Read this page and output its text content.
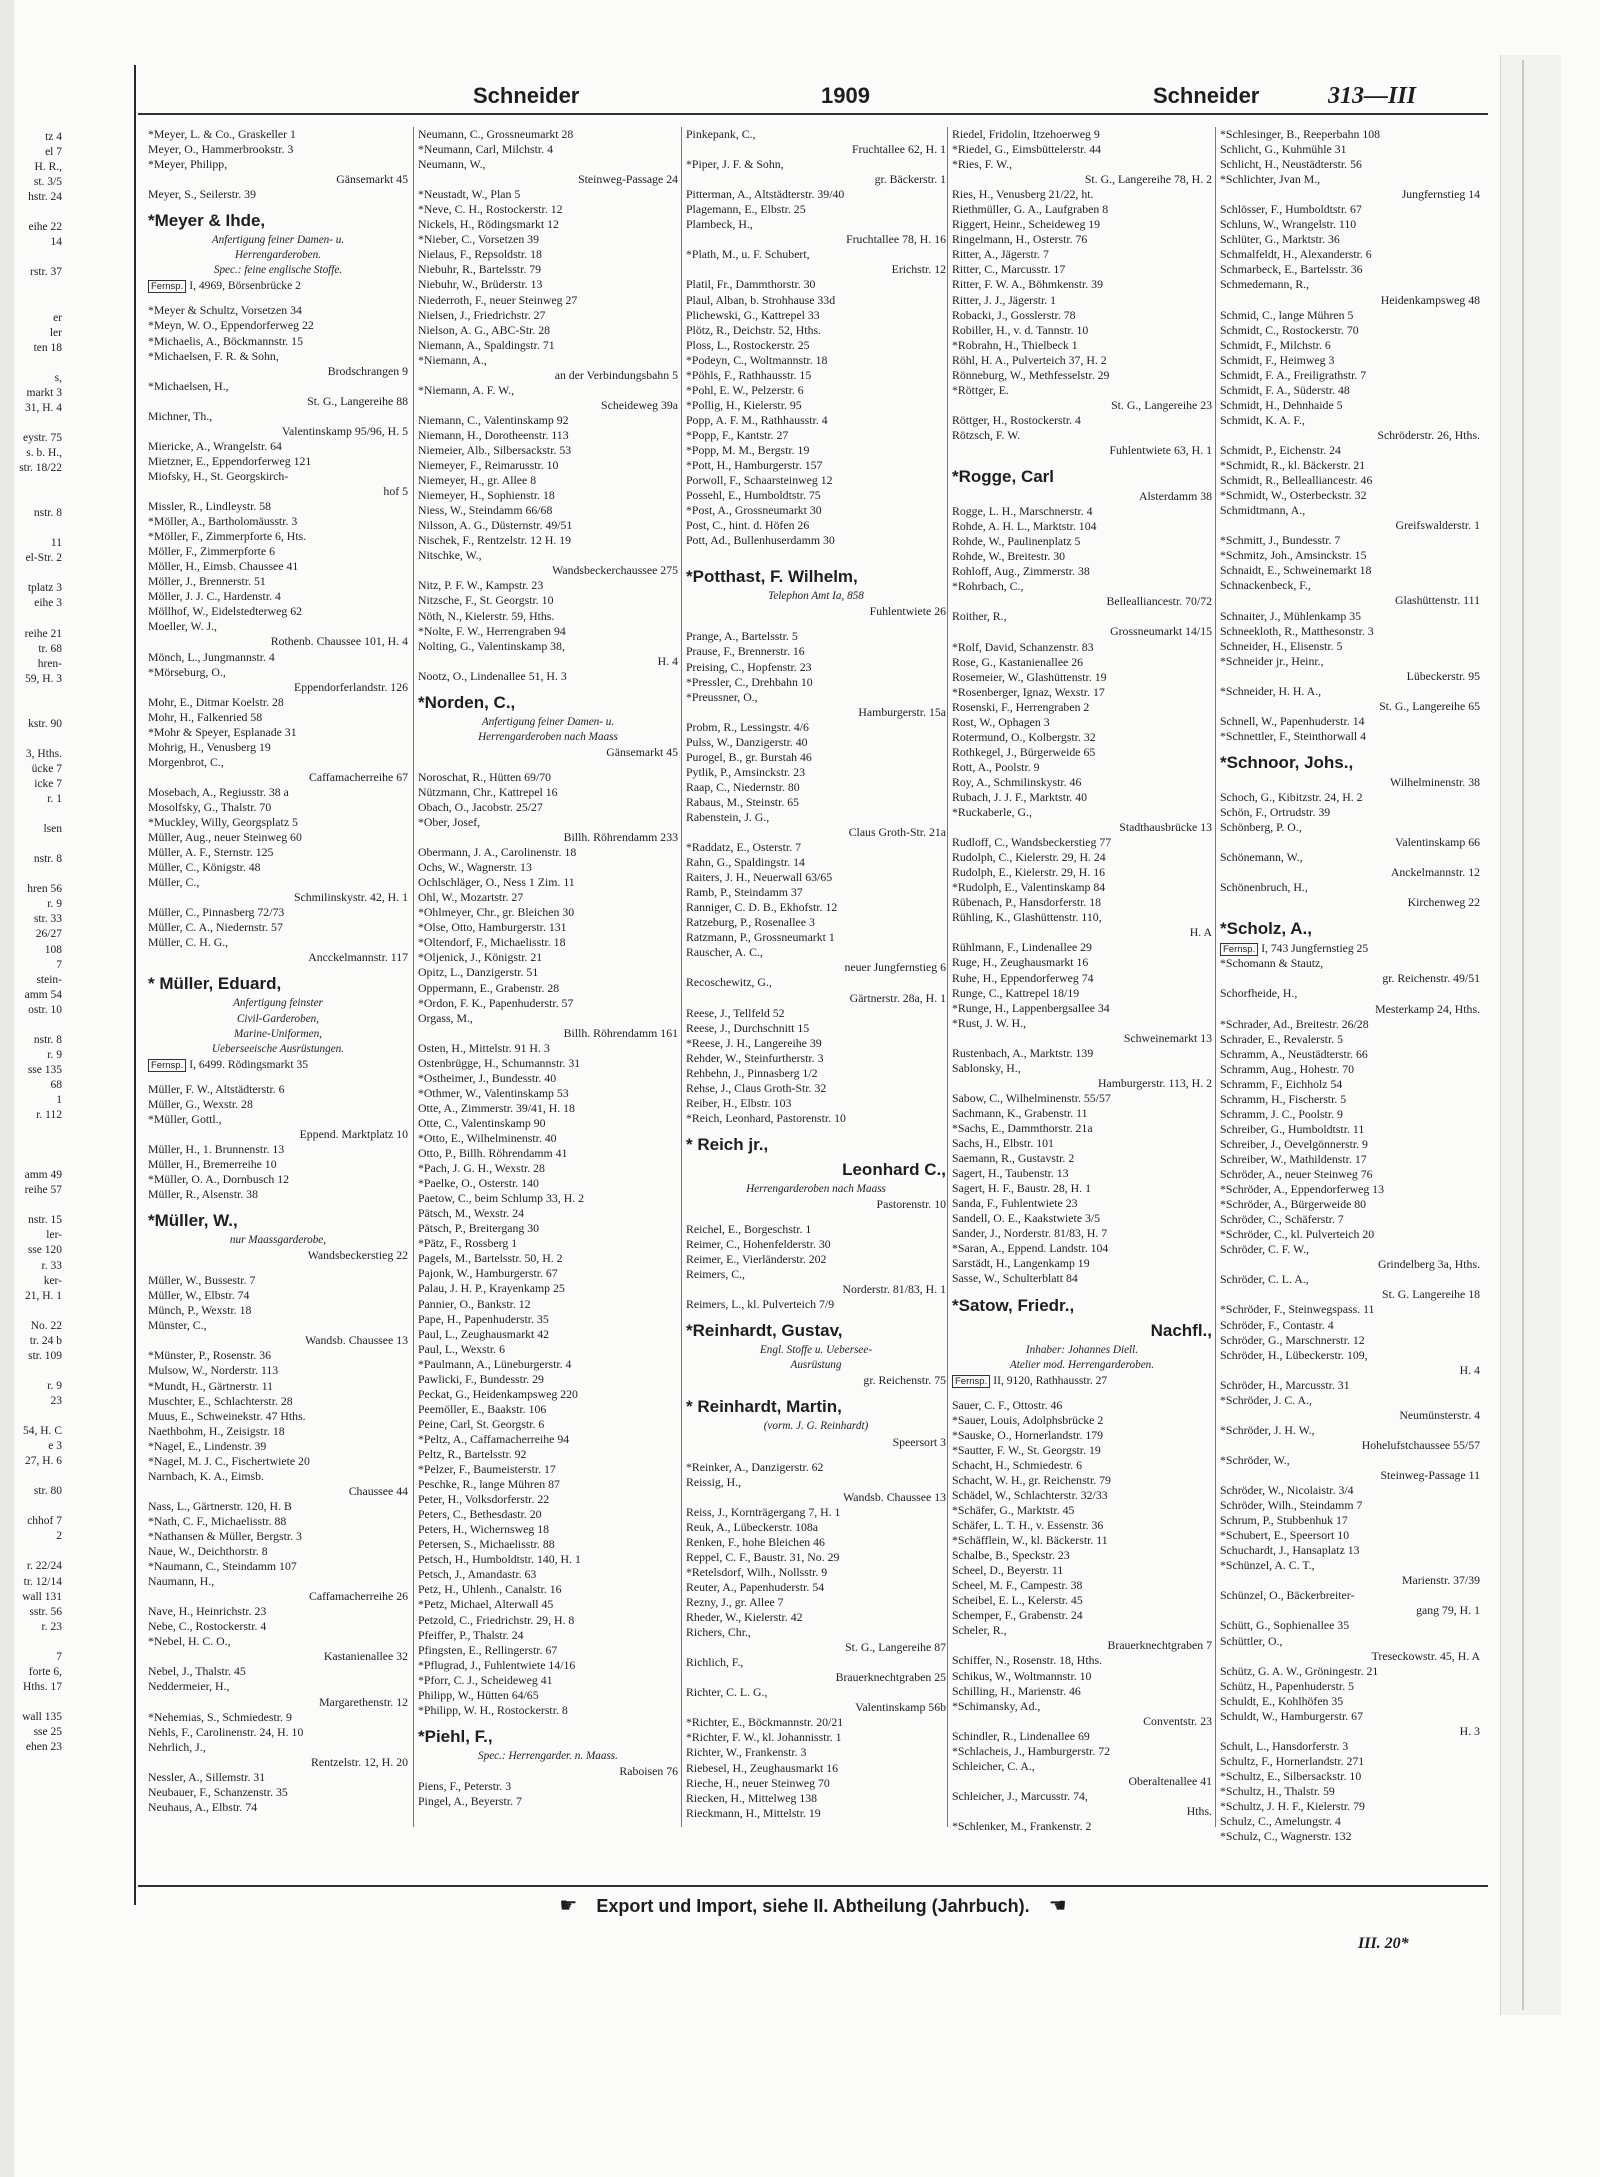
tz 4
el 7
H. R.,
st. 3/5
hstr. 24
eihe 22
14
rstr. 37
er
ler
ten 18
s,
markt 3
31, H. 4
eystr. 75
s. b. H.,
str. 18/22
nstr. 8
11
el-Str. 2
tplatz 3
eihe 3
reihe 21
tr. 68
hren-
59, H. 3
kstr. 90
3, Hths.
ücke 7
icke 7
r. 1
lsen
nstr. 8
hren 56
r. 9
str. 33
26/27
108
7
stein-
amm 54
ostr. 10
nstr. 8
r. 9
sse 135
68
1
r. 112
amm 49
reihe 57
nstr. 15
ler-
sse 120
r. 33
ker-
21, H. 1
No. 22
tr. 24 b
str. 109
r. 9
23
54, H. C
e 3
27, H. 6
str. 80
chhof 7
2
r. 22/24
tr. 12/14
wall 131
sstr. 56
r. 23
7
forte 6,
Hths. 17
wall 135
sse 25
ehen 23
Schneider	1909	Schneider	313—III
*Meyer, L. & Co., Graskeller 1
Meyer, O., Hammerbrookstr. 3
*Meyer, Philipp,
Gänsemarkt 45
Meyer, S., Seilerstr. 39
*Meyer & Ihde,
Anfertigung feiner Damen- u.
Herrengarderoben.
Spec.: feine englische Stoffe.
Fernsp. I, 4969, Börsenbrücke 2
*Meyer & Schultz, Vorsetzen 34
*Meyn, W. O., Eppendorferweg 22
*Michaelis, A., Böckmannstr. 15
*Michaelsen, F. R. & Sohn,
Brodschrangen 9
*Michaelsen, H.,
St. G., Langereihe 88
Michner, Th.,
Valentinskamp 95/96, H. 5
Miericke, A., Wrangelstr. 64
Mietzner, E., Eppendorferweg 121
Miofsky, H., St. Georgskirch-
hof 5
Missler, R., Lindleystr. 58
*Möller, A., Bartholomäusstr. 3
*Möller, F., Zimmerpforte 6, Hts.
Möller, F., Zimmerpforte 6
Möller, H., Eimsb. Chaussee 41
Möller, J., Brennerstr. 51
Möller, J. J. C., Hardenstr. 4
Möllhof, W., Eidelstedterweg 62
Moeller, W. J.,
Rothenb. Chaussee 101, H. 4
Mönch, L., Jungmannstr. 4
*Mörseburg, O.,
Eppendorferlandstr. 126
Mohr, E., Ditmar Koelstr. 28
Mohr, H., Falkenried 58
*Mohr & Speyer, Esplanade 31
Mohrig, H., Venusberg 19
Morgenbrot, C.,
Caffamacherreihe 67
Mosebach, A., Regiusstr. 38 a
Mosolfsky, G., Thalstr. 70
*Muckley, Willy, Georgsplatz 5
Müller, Aug., neuer Steinweg 60
Müller, A. F., Sternstr. 125
Müller, C., Königstr. 48
Müller, C.,
Schmilinskystr. 42, H. 1
Müller, C., Pinnasberg 72/73
Müller, C. A., Niedernstr. 57
Müller, C. H. G.,
Ancckelmannstr. 117
* Müller, Eduard,
Anfertigung feinster
Civil-Garderoben,
Marine-Uniformen,
Ueberseeische Ausrüstungen.
Fernsp. I, 6499. Rödingsmarkt 35
Müller, F. W., Altstädterstr. 6
Müller, G., Wexstr. 28
*Müller, Gottl.,
Eppend. Marktplatz 10
Müller, H., 1. Brunnenstr. 13
Müller, H., Bremerreihe 10
*Müller, O. A., Dornbusch 12
Müller, R., Alsenstr. 38
*Müller, W.,
nur Maassgarderobe,
Wandsbeckerstieg 22
Müller, W., Bussestr. 7
Müller, W., Elbstr. 74
Münch, P., Wexstr. 18
Münster, C.,
Wandsb. Chaussee 13
*Münster, P., Rosenstr. 36
Mulsow, W., Norderstr. 113
*Mundt, H., Gärtnerstr. 11
Muschter, E., Schlachterstr. 28
Muus, E., Schweinekstr. 47 Hths.
Naethbohm, H., Zeisigstr. 18
*Nagel, E., Lindenstr. 39
*Nagel, M. J. C., Fischertwiete 20
Narnbach, K. A., Eimsb.
Chaussee 44
Nass, L., Gärtnerstr. 120, H. B
*Nath, C. F., Michaelisstr. 88
*Nathansen & Müller, Bergstr. 3
Naue, W., Deichthorstr. 8
*Naumann, C., Steindamm 107
Naumann, H.,
Caffamacherreihe 26
Nave, H., Heinrichstr. 23
Nebe, C., Rostockerstr. 4
*Nebel, H. C. O.,
Kastanienallee 32
Nebel, J., Thalstr. 45
Neddermeier, H.,
Margarethenstr. 12
*Nehemias, S., Schmiedestr. 9
Nehls, F., Carolinenstr. 24, H. 10
Nehrlich, J.,
Rentzelstr. 12, H. 20
Nessler, A., Sillemstr. 31
Neubauer, F., Schanzenstr. 35
Neuhaus, A., Elbstr. 74
Neumann, C., Grossneumarkt 28
*Neumann, Carl, Milchstr. 4
Neumann, W.,
Steinweg-Passage 24
*Neustadt, W., Plan 5
*Neve, C. H., Rostockerstr. 12
Nickels, H., Rödingsmarkt 12
*Nieber, C., Vorsetzen 39
Nielaus, F., Repsoldstr. 18
Niebuhr, R., Bartelsstr. 79
Niebuhr, W., Brüderstr. 13
Niederroth, F., neuer Steinweg 27
Nielsen, J., Friedrichstr. 27
Nielson, A. G., ABC-Str. 28
Niemann, A., Spaldingstr. 71
*Niemann, A.,
an der Verbindungsbahn 5
*Niemann, A. F. W.,
Scheideweg 39a
Niemann, C., Valentinskamp 92
Niemann, H., Dorotheenstr. 113
Niemeier, Alb., Silbersackstr. 53
Niemeyer, F., Reimarusstr. 10
Niemeyer, H., gr. Allee 8
Niemeyer, H., Sophienstr. 18
Niess, W., Steindamm 66/68
Nilsson, A. G., Düsternstr. 49/51
Nischek, F., Rentzelstr. 12 H. 19
Nitschke, W.,
Wandsbeckerchaussee 275
Nitz, P. F. W., Kampstr. 23
Nitzsche, F., St. Georgstr. 10
Nöth, N., Kielerstr. 59, Hths.
*Nolte, F. W., Herrengraben 94
Nolting, G., Valentinskamp 38,
H. 4
Nootz, O., Lindenallee 51, H. 3
*Norden, C.,
Anfertigung feiner Damen- u.
Herrengarderoben nach Maass
Gänsemarkt 45
Noroschat, R., Hütten 69/70
Nützmann, Chr., Kattrepel 16
Obach, O., Jacobstr. 25/27
*Ober, Josef,
Billh. Röhrendamm 233
Obermann, J. A., Carolinenstr. 18
Ochs, W., Wagnerstr. 13
Ochlschläger, O., Ness 1 Zim. 11
Ohl, W., Mozartstr. 27
*Ohlmeyer, Chr., gr. Bleichen 30
*Olse, Otto, Hamburgerstr. 131
*Oltendorf, F., Michaelisstr. 18
*Oljenick, J., Königstr. 21
Opitz, L., Danzigerstr. 51
Oppermann, E., Grabenstr. 28
*Ordon, F. K., Papenhuderstr. 57
Orgass, M.,
Billh. Röhrendamm 161
Osten, H., Mittelstr. 91 H. 3
Ostenbrügge, H., Schumannstr. 31
*Ostheimer, J., Bundesstr. 40
*Othmer, W., Valentinskamp 53
Otte, A., Zimmerstr. 39/41, H. 18
Otte, C., Valentinskamp 90
*Otto, E., Wilhelminenstr. 40
Otto, P., Billh. Röhrendamm 41
*Pach, J. G. H., Wexstr. 28
*Paelke, O., Osterstr. 140
Paetow, C., beim Schlump 33, H. 2
Pätsch, M., Wexstr. 24
Pätsch, P., Breitergang 30
*Pätz, F., Rossberg 1
Pagels, M., Bartelsstr. 50, H. 2
Pajonk, W., Hamburgerstr. 67
Palau, J. H. P., Krayenkamp 25
Pannier, O., Bankstr. 12
Pape, H., Papenhuderstr. 35
Paul, L., Zeughausmarkt 42
Paul, L., Wexstr. 6
*Paulmann, A., Lüneburgerstr. 4
Pawlicki, F., Bundesstr. 29
Peckat, G., Heidenkampsweg 220
Peemöller, E., Baakstr. 106
Peine, Carl, St. Georgstr. 6
*Peltz, A., Caffamacherreihe 94
Peltz, R., Bartelsstr. 92
*Pelzer, F., Baumeisterstr. 17
Peschke, R., lange Mühren 87
Peter, H., Volksdorferstr. 22
Peters, C., Bethesdastr. 20
Peters, H., Wichernsweg 18
Petersen, S., Michaelisstr. 88
Petsch, H., Humboldtstr. 140, H. 1
Petsch, J., Amandastr. 63
Petz, H., Uhlenh., Canalstr. 16
*Petz, Michael, Alterwall 45
Petzold, C., Friedrichstr. 29, H. 8
Pfeiffer, P., Thalstr. 24
Pfingsten, E., Rellingerstr. 67
*Pflugrad, J., Fuhlentwiete 14/16
*Pforr, C. J., Scheideweg 41
Philipp, W., Hütten 64/65
*Philipp, W. H., Rostockerstr. 8
*Piehl, F.,
Spec.: Herrengarder. n. Maass.
Raboisen 76
Piens, F., Peterstr. 3
Pingel, A., Beyerstr. 7
Pinkepank, C.,
Fruchtallee 62, H. 1
*Piper, J. F. & Sohn,
gr. Bäckerstr. 1
Pitterman, A., Altstädterstr. 39/40
Plagemann, E., Elbstr. 25
Plambeck, H.,
Fruchtallee 78, H. 16
*Plath, M., u. F. Schubert,
Erichstr. 12
Platil, Fr., Dammthorstr. 30
Plaul, Alban, b. Strohhause 33d
Plichewski, G., Kattrepel 33
Plötz, R., Deichstr. 52, Hths.
Ploss, L., Rostockerstr. 25
*Podeyn, C., Woltmannstr. 18
*Pöhls, F., Rathhausstr. 15
*Pohl, E. W., Pelzerstr. 6
*Pollig, H., Kielerstr. 95
Popp, A. F. M., Rathhausstr. 4
*Popp, F., Kantstr. 27
*Popp, M. M., Bergstr. 19
*Pott, H., Hamburgerstr. 157
Porwoll, F., Schaarsteinweg 12
Possehl, E., Humboldtstr. 75
*Post, A., Grossneumarkt 30
Post, C., hint. d. Höfen 26
Pott, Ad., Bullenhuserdamm 30
*Potthast, F. Wilhelm,
Telephon Amt Ia, 858
Fuhlentwiete 26
Prange, A., Bartelsstr. 5
Prause, F., Brennerstr. 16
Preising, C., Hopfenstr. 23
*Pressler, C., Drehbahn 10
*Preussner, O.,
Hamburgerstr. 15a
Probm, R., Lessingstr. 4/6
Pulss, W., Danzigerstr. 40
Purogel, B., gr. Burstah 46
Pytlik, P., Amsinckstr. 23
Raap, C., Niedernstr. 80
Rabaus, M., Steinstr. 65
Rabenstein, J. G.,
Claus Groth-Str. 21a
*Raddatz, E., Osterstr. 7
Rahn, G., Spaldingstr. 14
Raiters, J. H., Neuerwall 63/65
Ramb, P., Steindamm 37
Ranniger, C. D. B., Ekhofstr. 12
Ratzeburg, P., Rosenallee 3
Ratzmann, P., Grossneumarkt 1
Rauscher, A. C.,
neuer Jungfernstieg 6
Recoschewitz, G.,
Gärtnerstr. 28a, H. 1
Reese, J., Tellfeld 52
Reese, J., Durchschnitt 15
*Reese, J. H., Langereihe 39
Rehder, W., Steinfurtherstr. 3
Rehbehn, J., Pinnasberg 1/2
Rehse, J., Claus Groth-Str. 32
Reiber, H., Elbstr. 103
*Reich, Leonhard, Pastorenstr. 10
* Reich jr.,
Leonhard C.,
Herrengarderoben nach Maass
Pastorenstr. 10
Reichel, E., Borgeschstr. 1
Reimer, C., Hohenfelderstr. 30
Reimer, E., Vierländerstr. 202
Reimers, C.,
Norderstr. 81/83, H. 1
Reimers, L., kl. Pulverteich 7/9
*Reinhardt, Gustav,
Engl. Stoffe u. Uebersee-
Ausrüstung
gr. Reichenstr. 75
* Reinhardt, Martin,
(vorm. J. G. Reinhardt)
Speersort 3
*Reinker, A., Danzigerstr. 62
Reissig, H.,
Wandsb. Chaussee 13
Reiss, J., Kornträgergang 7, H. 1
Reuk, A., Lübeckerstr. 108a
Renken, F., hohe Bleichen 46
Reppel, C. F., Baustr. 31, No. 29
*Retelsdorf, Wilh., Nollsstr. 9
Reuter, A., Papenhuderstr. 54
Rezny, J., gr. Allee 7
Rheder, W., Kielerstr. 42
Richers, Chr.,
St. G., Langereihe 87
Richlich, F.,
Brauerknechtgraben 25
Richter, C. L. G.,
Valentinskamp 56b
*Richter, E., Böckmannstr. 20/21
*Richter, F. W., kl. Johannisstr. 1
Richter, W., Frankenstr. 3
Riebesel, H., Zeughausmarkt 16
Rieche, H., neuer Steinweg 70
Riecken, H., Mittelweg 138
Rieckmann, H., Mittelstr. 19
Riedel, Fridolin, Itzehoerweg 9
*Riedel, G., Eimsbüttelerstr. 44
*Ries, F. W.,
St. G., Langereihe 78, H. 2
Ries, H., Venusberg 21/22, ht.
Riethmüller, G. A., Laufgraben 8
Riggert, Heinr., Scheideweg 19
Ringelmann, H., Osterstr. 76
Ritter, A., Jägerstr. 7
Ritter, C., Marcusstr. 17
Ritter, F. W. A., Böhmkenstr. 39
Ritter, J. J., Jägerstr. 1
Robacki, J., Gosslerstr. 78
Robiller, H., v. d. Tannstr. 10
*Robrahn, H., Thielbeck 1
Röhl, H. A., Pulverteich 37, H. 2
Rönneburg, W., Methfesselstr. 29
*Röttger, E.
St. G., Langereihe 23
Röttger, H., Rostockerstr. 4
Rötzsch, F. W.
Fuhlentwiete 63, H. 1
*Rogge, Carl
Alsterdamm 38
Rogge, L. H., Marschnerstr. 4
Rohde, A. H. L., Marktstr. 104
Rohde, W., Paulinenplatz 5
Rohde, W., Breitestr. 30
Rohloff, Aug., Zimmerstr. 38
*Rohrbach, C.,
Bellealliancestr. 70/72
Roither, R.,
Grossneumarkt 14/15
*Rolf, David, Schanzenstr. 83
Rose, G., Kastanienallee 26
Rosemeier, W., Glashüttenstr. 19
*Rosenberger, Ignaz, Wexstr. 17
Rosenski, F., Herrengraben 2
Rost, W., Ophagen 3
Rotermund, O., Kolbergstr. 32
Rothkegel, J., Bürgerweide 65
Rott, A., Poolstr. 9
Roy, A., Schmilinskystr. 46
Rubach, J. J. F., Marktstr. 40
*Ruckaberle, G.,
Stadthausbrücke 13
Rudloff, C., Wandsbeckerstieg 77
Rudolph, C., Kielerstr. 29, H. 24
Rudolph, E., Kielerstr. 29, H. 16
*Rudolph, E., Valentinskamp 84
Rübenach, P., Hansdorferstr. 18
Rühling, K., Glashüttenstr. 110,
H. A
Rühlmann, F., Lindenallee 29
Ruge, H., Zeughausmarkt 16
Ruhe, H., Eppendorferweg 74
Runge, C., Kattrepel 18/19
*Runge, H., Lappenbergsallee 34
*Rust, J. W. H.,
Schweinemarkt 13
Rustenbach, A., Marktstr. 139
Sablonsky, H.,
Hamburgerstr. 113, H. 2
Sabow, C., Wilhelminenstr. 55/57
Sachmann, K., Grabenstr. 11
*Sachs, E., Dammthorstr. 21a
Sachs, H., Elbstr. 101
Saemann, R., Gustavstr. 2
Sagert, H., Taubenstr. 13
Sagert, H. F., Baustr. 28, H. 1
Sanda, F., Fuhlentwiete 23
Sandell, O. E., Kaakstwiete 3/5
Sander, J., Norderstr. 81/83, H. 7
*Saran, A., Eppend. Landstr. 104
Sarstädt, H., Langenkamp 19
Sasse, W., Schulterblatt 84
*Satow, Friedr.,
Nachfl.,
Inhaber: Johannes Diell.
Atelier mod. Herrengarderoben.
Fernsp. II, 9120, Rathhausstr. 27
Sauer, C. F., Ottostr. 46
*Sauer, Louis, Adolphsbrücke 2
*Sauske, O., Hornerlandstr. 179
*Sautter, F. W., St. Georgstr. 19
Schacht, H., Schmiedestr. 6
Schacht, W. H., gr. Reichenstr. 79
Schädel, W., Schlachterstr. 32/33
*Schäfer, G., Marktstr. 45
Schäfer, L. T. H., v. Essenstr. 36
*Schäfflein, W., kl. Bäckerstr. 11
Schalbe, B., Speckstr. 23
Scheel, D., Beyerstr. 11
Scheel, M. F., Campestr. 38
Scheibel, E. L., Kelerstr. 45
Schemper, F., Grabenstr. 24
Scheler, R.,
Brauerknechtgraben 7
Schiffer, N., Rosenstr. 18, Hths.
Schikus, W., Woltmannstr. 10
Schilling, H., Marienstr. 46
*Schimansky, Ad.,
Conventstr. 23
Schindler, R., Lindenallee 69
*Schlacheis, J., Hamburgerstr. 72
Schleicher, C. A.,
Oberaltenallee 41
Schleicher, J., Marcusstr. 74,
Hths.
*Schlenker, M., Frankenstr. 2
*Schlesinger, B., Reeperbahn 108
Schlicht, G., Kuhmühle 31
Schlicht, H., Neustädterstr. 56
*Schlichter, Jvan M.,
Jungfernstieg 14
Schlösser, F., Humboldtstr. 67
Schluns, W., Wrangelstr. 110
Schlüter, G., Marktstr. 36
Schmalfeldt, H., Alexanderstr. 6
Schmarbeck, E., Bartelsstr. 36
Schmedemann, R.,
Heidenkampsweg 48
Schmid, C., lange Mühren 5
Schmidt, C., Rostockerstr. 70
Schmidt, F., Milchstr. 6
Schmidt, F., Heimweg 3
Schmidt, F. A., Freiligrathstr. 7
Schmidt, F. A., Süderstr. 48
Schmidt, H., Dehnhaide 5
Schmidt, K. A. F.,
Schröderstr. 26, Hths.
Schmidt, P., Eichenstr. 24
*Schmidt, R., kl. Bäckerstr. 21
Schmidt, R., Bellealliancestr. 46
*Schmidt, W., Osterbeckstr. 32
Schmidtmann, A.,
Greifswalderstr. 1
*Schmitt, J., Bundesstr. 7
*Schmitz, Joh., Amsinckstr. 15
Schnaidt, E., Schweinemarkt 18
Schnackenbeck, F.,
Glashüttenstr. 111
Schnaiter, J., Mühlenkamp 35
Schneekloth, R., Matthesonstr. 3
Schneider, H., Elisenstr. 5
*Schneider jr., Heinr.,
Lübeckerstr. 95
*Schneider, H. H. A.,
St. G., Langereihe 65
Schnell, W., Papenhuderstr. 14
*Schnettler, F., Steinthorwall 4
*Schnoor, Johs.,
Wilhelminenstr. 38
Schoch, G., Kibitzstr. 24, H. 2
Schön, F., Ortrudstr. 39
Schönberg, P. O.,
Valentinskamp 66
Schönemann, W.,
Anckelmannstr. 12
Schönenbruch, H.,
Kirchenweg 22
*Scholz, A.,
Fernsp. I, 743 Jungfernstieg 25
*Schomann & Stautz,
gr. Reichenstr. 49/51
Schorfheide, H.,
Mesterkamp 24, Hths.
*Schrader, Ad., Breitestr. 26/28
Schrader, E., Revalerstr. 5
Schramm, A., Neustädterstr. 66
Schramm, Aug., Hohestr. 70
Schramm, F., Eichholz 54
Schramm, H., Fischerstr. 5
Schramm, J. C., Poolstr. 9
Schreiber, G., Humboldtstr. 11
Schreiber, J., Oevelgönnerstr. 9
Schreiber, W., Mathildenstr. 17
Schröder, A., neuer Steinweg 76
*Schröder, A., Eppendorferweg 13
*Schröder, A., Bürgerweide 80
Schröder, C., Schäferstr. 7
*Schröder, C., kl. Pulverteich 20
Schröder, C. F. W.,
Grindelberg 3a, Hths.
Schröder, C. L. A.,
St. G. Langereihe 18
*Schröder, F., Steinwegspass. 11
Schröder, F., Contastr. 4
Schröder, G., Marschnerstr. 12
Schröder, H., Lübeckerstr. 109,
H. 4
Schröder, H., Marcusstr. 31
*Schröder, J. C. A.,
Neumünsterstr. 4
*Schröder, J. H. W.,
Hohelufstchaussee 55/57
*Schröder, W.,
Steinweg-Passage 11
Schröder, W., Nicolaistr. 3/4
Schröder, Wilh., Steindamm 7
Schrum, P., Stubbenhuk 17
*Schubert, E., Speersort 10
Schuchardt, J., Hansaplatz 13
*Schünzel, A. C. T.,
Marienstr. 37/39
Schünzel, O., Bäckerbreiter-
gang 79, H. 1
Schütt, G., Sophienallee 35
Schüttler, O.,
Treseckowstr. 45, H. A
Schütz, G. A. W., Gröningestr. 21
Schütz, H., Papenhuderstr. 5
Schuldt, E., Kohlhöfen 35
Schuldt, W., Hamburgerstr. 67
H. 3
Schult, L., Hansdorferstr. 3
Schultz, F., Hornerlandstr. 271
*Schultz, E., Silbersackstr. 10
*Schultz, H., Thalstr. 59
*Schultz, J. H. F., Kielerstr. 79
Schulz, C., Amelungstr. 4
*Schulz, C., Wagnerstr. 132
☛ Export und Import, siehe II. Abtheilung (Jahrbuch). ☚
III. 20*
